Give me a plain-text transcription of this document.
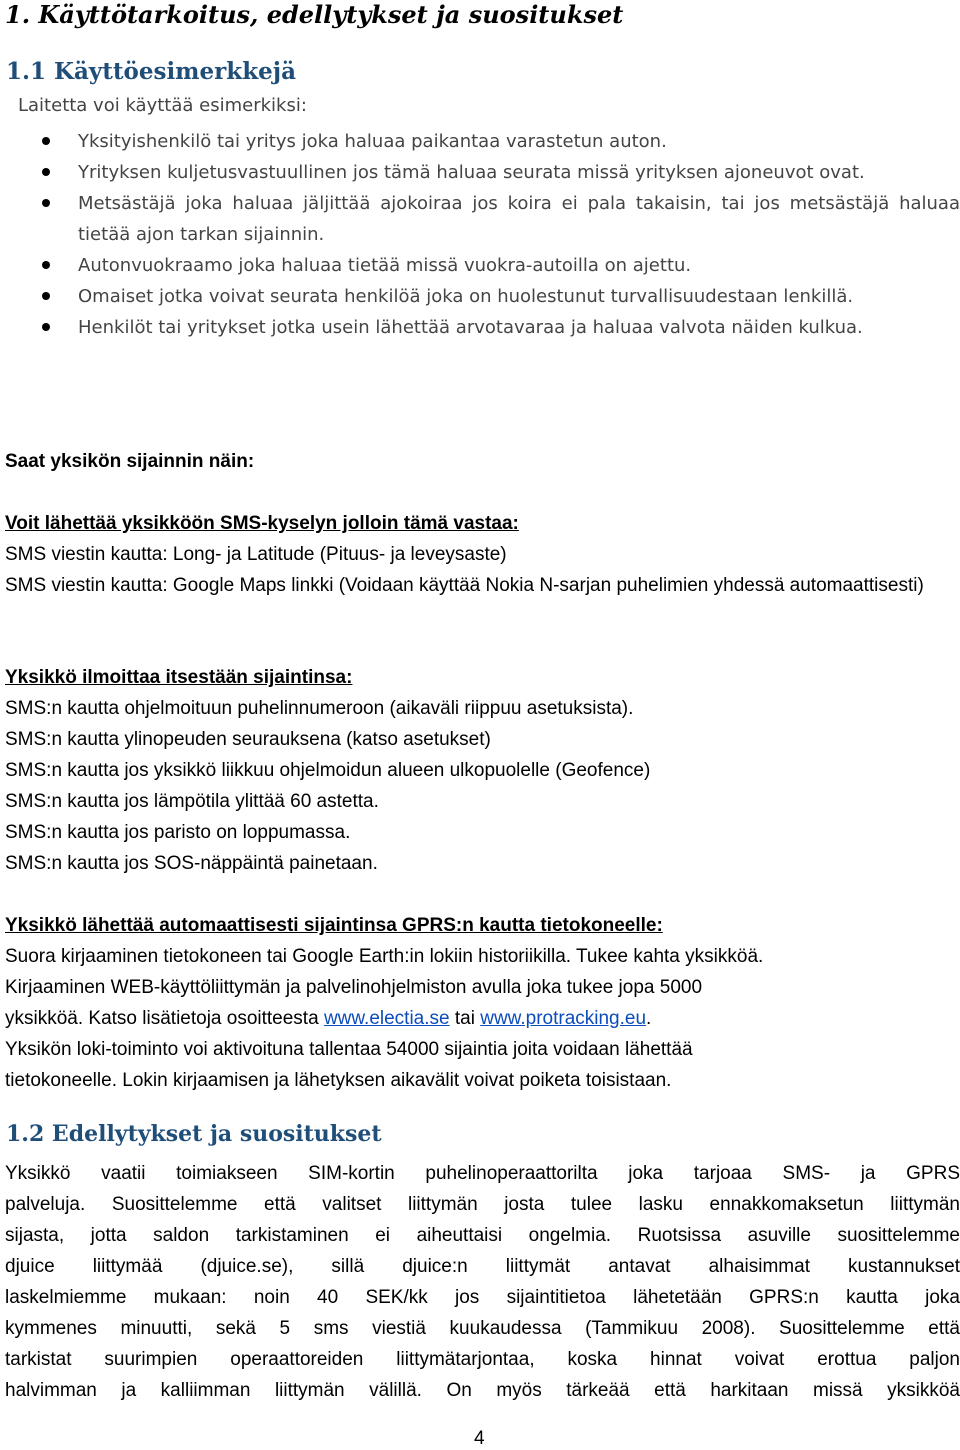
1. Käyttötarkoitus, edellytykset ja suositukset
1.1 Käyttöesimerkkejä

Laitetta voi käyttää esimerkiksi:

Yksityishenkilö tai yritys joka haluaa paikantaa varastetun auton.
Yrityksen kuljetusvastuullinen jos tämä haluaa seurata missä yrityksen ajoneuvot ovat.
Metsästäjä joka haluaa jäljittää ajokoiraa jos koira ei pala takaisin, tai jos metsästäjä haluaa tietää ajon tarkan sijainnin.
Autonvuokraamo joka haluaa tietää missä vuokra-autoilla on ajettu.
Omaiset jotka voivat seurata henkilöä joka on huolestunut turvallisuudestaan lenkillä.
Henkilöt tai yritykset jotka usein lähettää arvotavaraa ja haluaa valvota näiden kulkua.

Saat yksikön sijainnin näin:

Voit lähettää yksikköön SMS-kyselyn jolloin tämä vastaa:

SMS viestin kautta: Long- ja Latitude (Pituus- ja leveysaste)

SMS viestin kautta: Google Maps linkki (Voidaan käyttää Nokia N-sarjan puhelimien yhdessä automaattisesti)

Yksikkö ilmoittaa itsestään sijaintinsa:

SMS:n kautta ohjelmoituun puhelinnumeroon (aikaväli riippuu asetuksista).

SMS:n kautta ylinopeuden seurauksena (katso asetukset)

SMS:n kautta jos yksikkö liikkuu ohjelmoidun alueen ulkopuolelle (Geofence)

SMS:n kautta jos lämpötila ylittää 60 astetta.

SMS:n kautta jos paristo on loppumassa.

SMS:n kautta jos SOS-näppäintä painetaan.

Yksikkö lähettää automaattisesti sijaintinsa GPRS:n kautta tietokoneelle:

Suora kirjaaminen tietokoneen tai Google Earth:in lokiin historiikilla. Tukee kahta yksikköä.

Kirjaaminen WEB-käyttöliittymän ja palvelinohjelmiston avulla joka tukee jopa 5000

yksikköä. Katso lisätietoja osoitteesta www.electia.se tai www.protracking.eu.

Yksikön loki-toiminto voi aktivoituna tallentaa 54000 sijaintia joita voidaan lähettää

tietokoneelle. Lokin kirjaamisen ja lähetyksen aikavälit voivat poiketa toisistaan.

1.2 Edellytykset ja suositukset

Yksikkö vaatii toimiakseen SIM-kortin puhelinoperaattorilta joka tarjoaa SMS- ja GPRS

palveluja. Suosittelemme että valitset liittymän josta tulee lasku ennakkomaksetun liittymän

sijasta, jotta saldon tarkistaminen ei aiheuttaisi ongelmia. Ruotsissa asuville suosittelemme

djuice liittymää (djuice.se), sillä djuice:n liittymät antavat alhaisimmat kustannukset

laskelmiemme mukaan: noin 40 SEK/kk jos sijaintitietoa lähetetään GPRS:n kautta joka

kymmenes minuutti, sekä 5 sms viestiä kuukaudessa (Tammikuu 2008). Suosittelemme että

tarkistat suurimpien operaattoreiden liittymätarjontaa, koska hinnat voivat erottua paljon

halvimman ja kalliimman liittymän välillä. On myös tärkeää että harkitaan missä yksikköä

4
